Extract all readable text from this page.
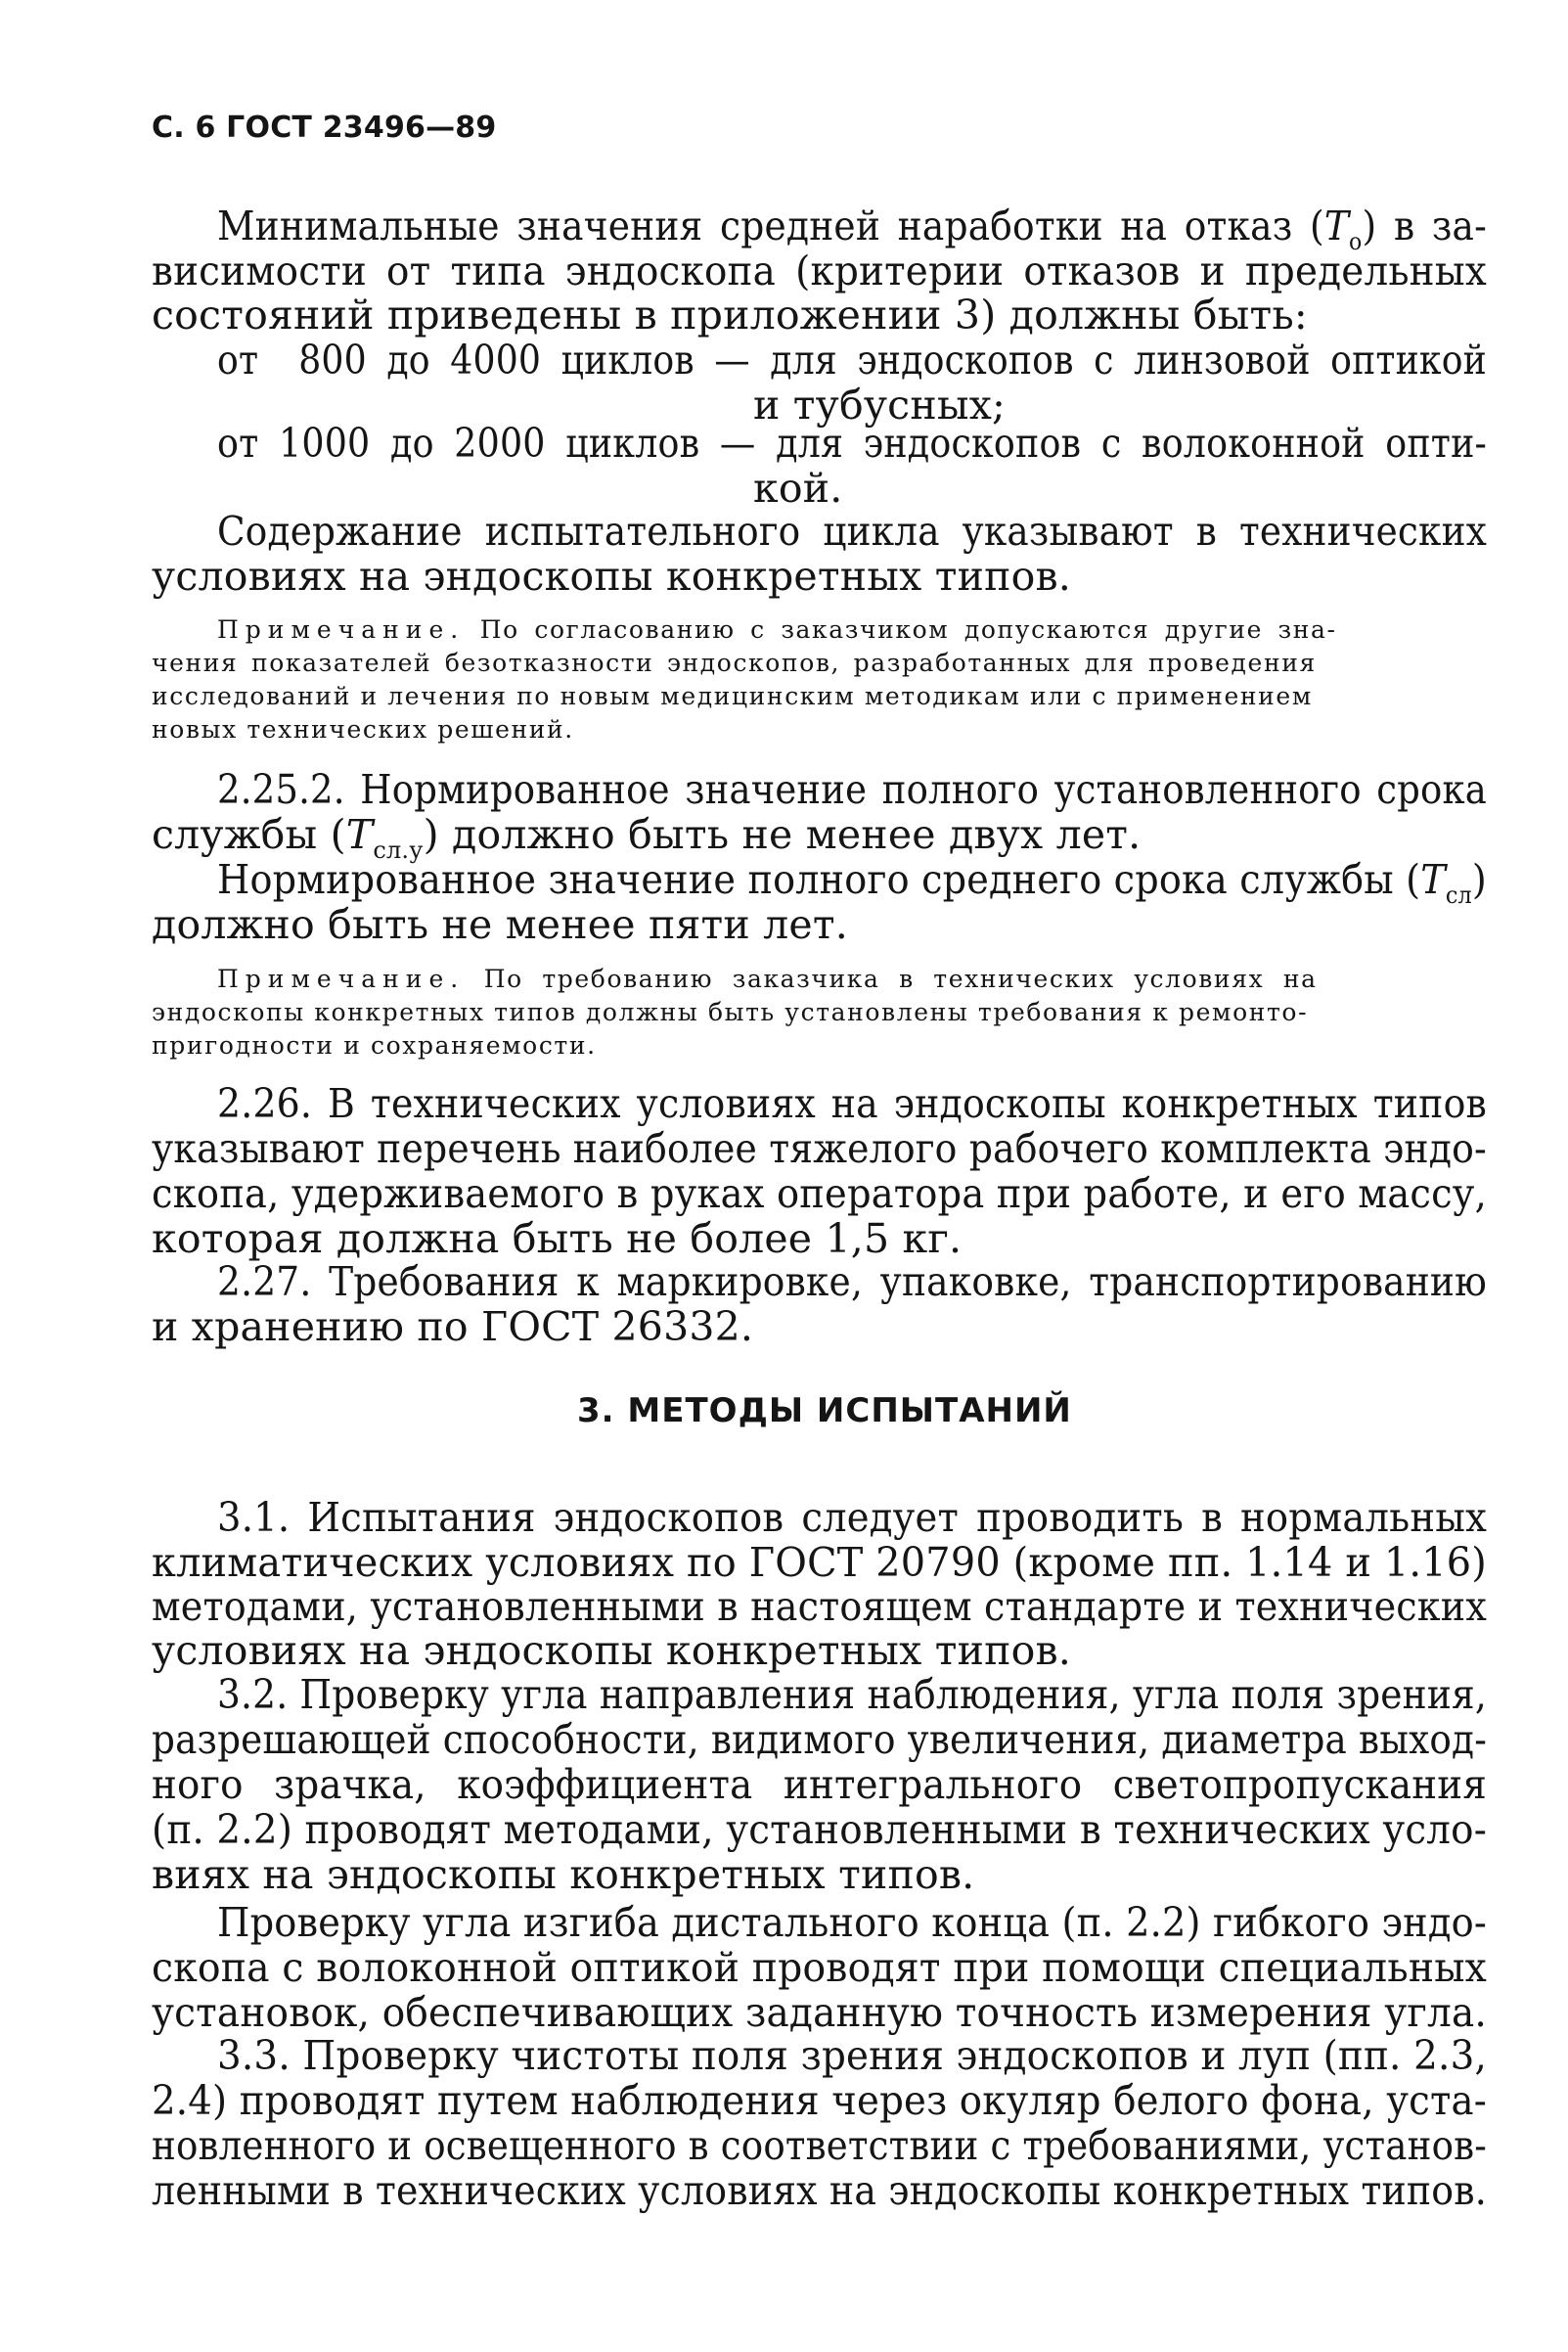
С. 6 ГОСТ 23496—89
Минимальные значения средней наработки на отказ $(T_o)$ в за-
висимости от типа эндоскопа (критерии отказов и предельных
состояний приведены в приложении 3) должны быть:
от  800 до 4000 циклов — для эндоскопов с линзовой оптикой
и тубусных;
от 1000 до 2000 циклов — для эндоскопов с волоконной опти-
кой.
Содержание испытательного цикла указывают в технических
условиях на эндоскопы конкретных типов.
Примечание. По согласованию с заказчиком допускаются другие зна-
чения показателей безотказности эндоскопов, разработанных для проведения
исследований и лечения по новым медицинским методикам или с применением
новых технических решений.
2.25.2. Нормированное значение полного установленного срока
службы $(T_{сл.у})$ должно быть не менее двух лет.
Нормированное значение полного среднего срока службы $(T_{сл})$
должно быть не менее пяти лет.
Примечание. По требованию заказчика в технических условиях на
эндоскопы конкретных типов должны быть установлены требования к ремонто-
пригодности и сохраняемости.
2.26. В технических условиях на эндоскопы конкретных типов
указывают перечень наиболее тяжелого рабочего комплекта эндо-
скопа, удерживаемого в руках оператора при работе, и его массу,
которая должна быть не более 1,5 кг.
2.27. Требования к маркировке, упаковке, транспортированию
и хранению по ГОСТ 26332.
3. МЕТОДЫ ИСПЫТАНИЙ
3.1. Испытания эндоскопов следует проводить в нормальных
климатических условиях по ГОСТ 20790 (кроме пп. 1.14 и 1.16)
методами, установленными в настоящем стандарте и технических
условиях на эндоскопы конкретных типов.
3.2. Проверку угла направления наблюдения, угла поля зрения,
разрешающей способности, видимого увеличения, диаметра выход-
ного зрачка, коэффициента интегрального светопропускания
(п. 2.2) проводят методами, установленными в технических усло-
виях на эндоскопы конкретных типов.
Проверку угла изгиба дистального конца (п. 2.2) гибкого эндо-
скопа с волоконной оптикой проводят при помощи специальных
установок, обеспечивающих заданную точность измерения угла.
3.3. Проверку чистоты поля зрения эндоскопов и луп (пп. 2.3,
2.4) проводят путем наблюдения через окуляр белого фона, уста-
новленного и освещенного в соответствии с требованиями, установ-
ленными в технических условиях на эндоскопы конкретных типов.
